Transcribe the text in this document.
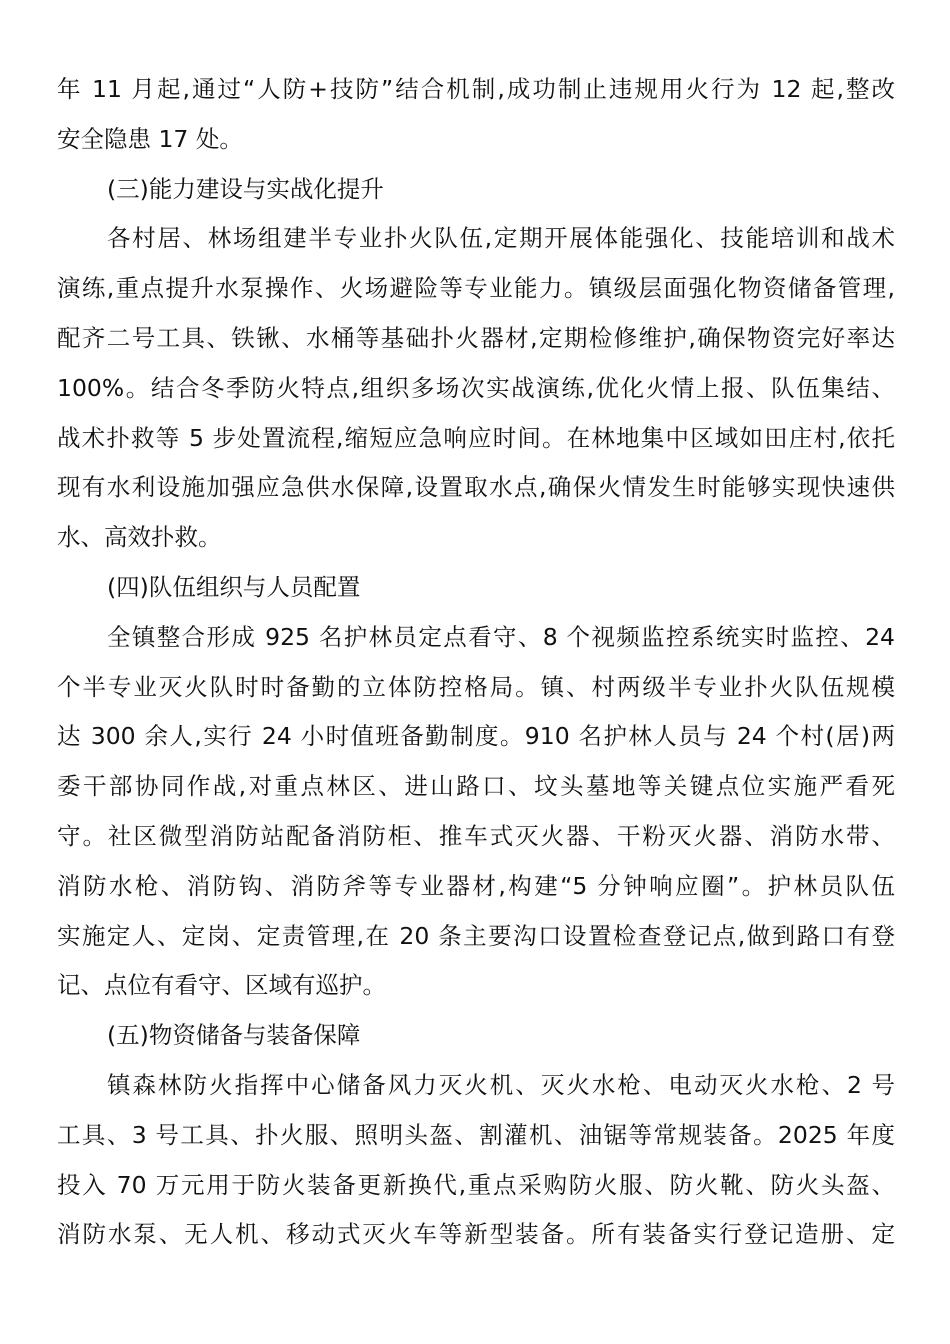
年 11 月起,通过“人防+技防”结合机制,成功制止违规用火行为 12 起,整改
安全隐患 17 处。
(三)能力建设与实战化提升
各村居、林场组建半专业扑火队伍,定期开展体能强化、技能培训和战术
演练,重点提升水泵操作、火场避险等专业能力。镇级层面强化物资储备管理,
配齐二号工具、铁锹、水桶等基础扑火器材,定期检修维护,确保物资完好率达
100%。结合冬季防火特点,组织多场次实战演练,优化火情上报、队伍集结、
战术扑救等 5 步处置流程,缩短应急响应时间。在林地集中区域如田庄村,依托
现有水利设施加强应急供水保障,设置取水点,确保火情发生时能够实现快速供
水、高效扑救。
(四)队伍组织与人员配置
全镇整合形成 925 名护林员定点看守、8 个视频监控系统实时监控、24
个半专业灭火队时时备勤的立体防控格局。镇、村两级半专业扑火队伍规模
达 300 余人,实行 24 小时值班备勤制度。910 名护林人员与 24 个村(居)两
委干部协同作战,对重点林区、进山路口、坟头墓地等关键点位实施严看死
守。社区微型消防站配备消防柜、推车式灭火器、干粉灭火器、消防水带、
消防水枪、消防钩、消防斧等专业器材,构建“5 分钟响应圈”。护林员队伍
实施定人、定岗、定责管理,在 20 条主要沟口设置检查登记点,做到路口有登
记、点位有看守、区域有巡护。
(五)物资储备与装备保障
镇森林防火指挥中心储备风力灭火机、灭火水枪、电动灭火水枪、2 号
工具、3 号工具、扑火服、照明头盔、割灌机、油锯等常规装备。2025 年度
投入 70 万元用于防火装备更新换代,重点采购防火服、防火靴、防火头盔、
消防水泵、无人机、移动式灭火车等新型装备。所有装备实行登记造册、定
